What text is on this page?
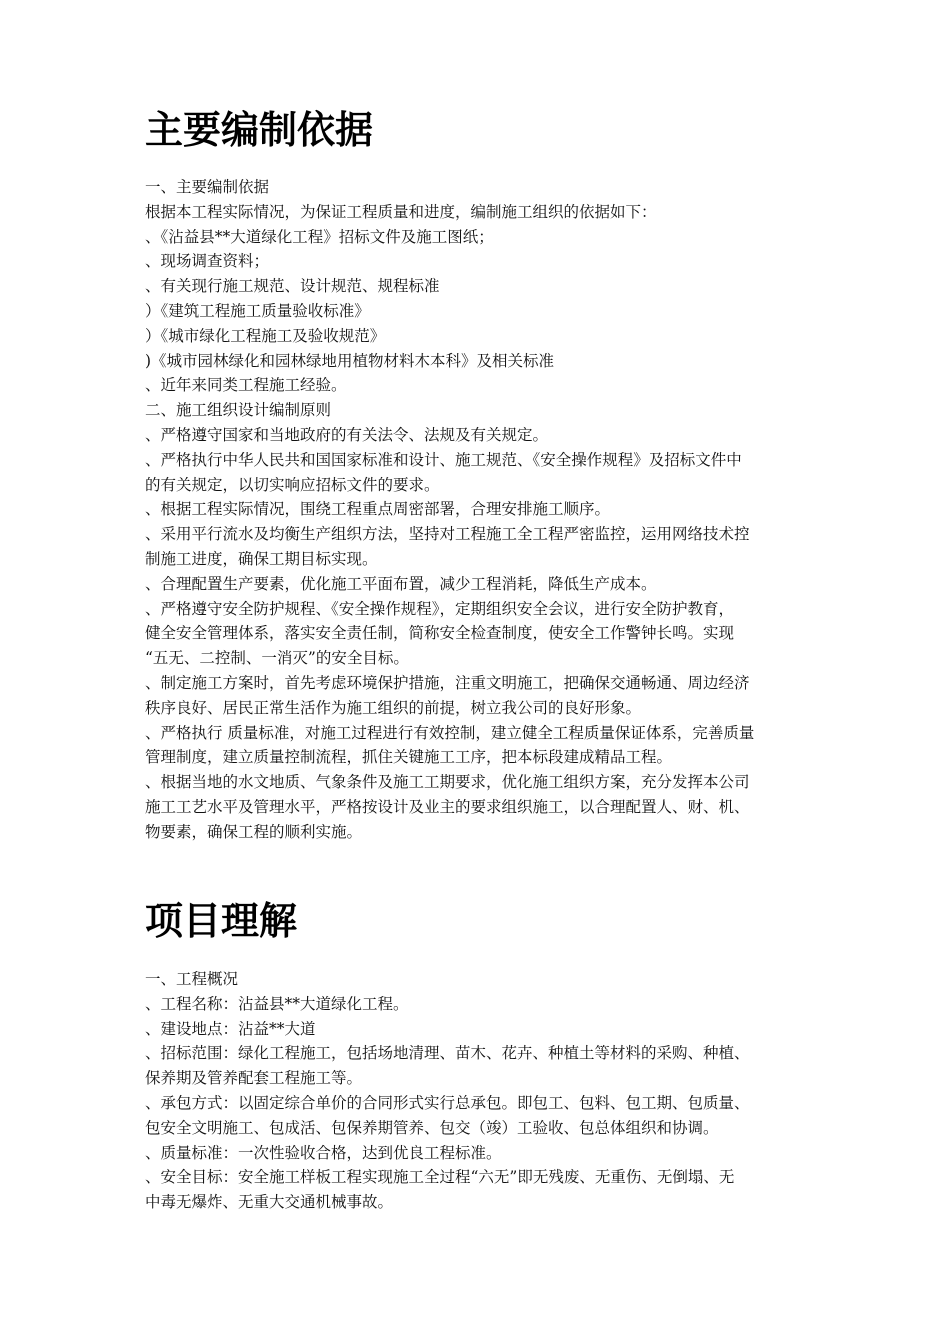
主要编制依据
一、主要编制依据
根据本工程实际情况，为保证工程质量和进度，编制施工组织的依据如下：
、《沾益县**大道绿化工程》招标文件及施工图纸；
、现场调查资料；
、有关现行施工规范、设计规范、规程标准
）《建筑工程施工质量验收标准》
）《城市绿化工程施工及验收规范》
)《城市园林绿化和园林绿地用植物材料木本科》及相关标准
、近年来同类工程施工经验。
二、施工组织设计编制原则
、严格遵守国家和当地政府的有关法令、法规及有关规定。
、严格执行中华人民共和国国家标准和设计、施工规范、《安全操作规程》及招标文件中
的有关规定，以切实响应招标文件的要求。
、根据工程实际情况，围绕工程重点周密部署，合理安排施工顺序。
、采用平行流水及均衡生产组织方法，坚持对工程施工全工程严密监控，运用网络技术控
制施工进度，确保工期目标实现。
、合理配置生产要素，优化施工平面布置，减少工程消耗，降低生产成本。
、严格遵守安全防护规程、《安全操作规程》，定期组织安全会议，进行安全防护教育，
健全安全管理体系，落实安全责任制，简称安全检查制度，使安全工作警钟长鸣。实现
“五无、二控制、一消灭”的安全目标。
、制定施工方案时，首先考虑环境保护措施，注重文明施工，把确保交通畅通、周边经济
秩序良好、居民正常生活作为施工组织的前提，树立我公司的良好形象。
、严格执行 质量标准，对施工过程进行有效控制，建立健全工程质量保证体系，完善质量
管理制度，建立质量控制流程，抓住关键施工工序，把本标段建成精品工程。
、根据当地的水文地质、气象条件及施工工期要求，优化施工组织方案，充分发挥本公司
施工工艺水平及管理水平，严格按设计及业主的要求组织施工，以合理配置人、财、机、
物要素，确保工程的顺利实施。
项目理解
一、工程概况
、工程名称：沾益县**大道绿化工程。
、建设地点：沾益**大道
、招标范围：绿化工程施工，包括场地清理、苗木、花卉、种植土等材料的采购、种植、
保养期及管养配套工程施工等。
、承包方式：以固定综合单价的合同形式实行总承包。即包工、包料、包工期、包质量、
包安全文明施工、包成活、包保养期管养、包交（竣）工验收、包总体组织和协调。
、质量标准：一次性验收合格，达到优良工程标准。
、安全目标：安全施工样板工程实现施工全过程“六无”即无残废、无重伤、无倒塌、无
中毒无爆炸、无重大交通机械事故。
